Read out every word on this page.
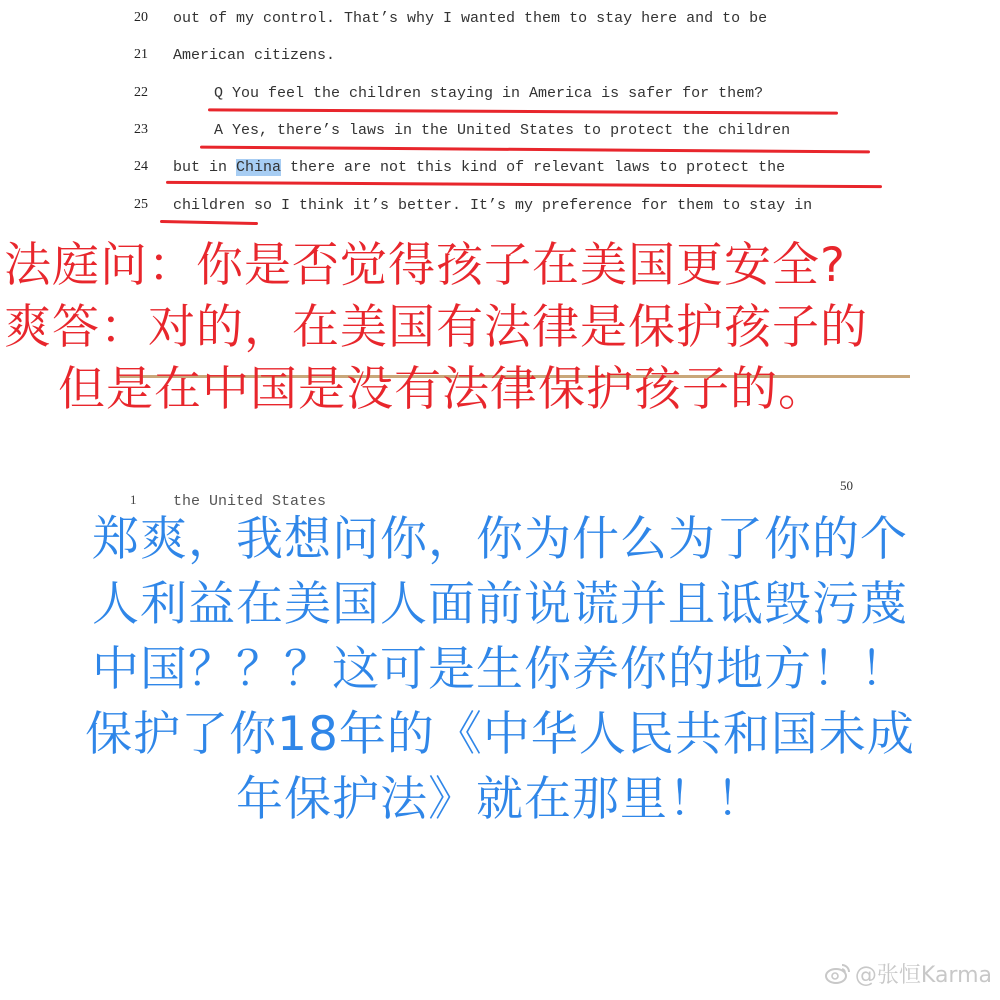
20 out of my control. That’s why I wanted them to stay here and to be
21 American citizens.
22	Q You feel the children staying in America is safer for them?
23	A Yes, there’s laws in the United States to protect the children
24 but in China there are not this kind of relevant laws to protect the
25 children so I think it’s better. It’s my preference for them to stay in
法庭问：你是否觉得孩子在美国更安全?
爽答：对的，在美国有法律是保护孩子的
但是在中国是没有法律保护孩子的。
50
1 the United States
郑爽，我想问你，你为什么为了你的个
人利益在美国人面前说谎并且诋毁污蔑
中国？？？这可是生你养你的地方！！
保护了你18年的《中华人民共和国未成
年保护法》就在那里！！
@张恒Karma
